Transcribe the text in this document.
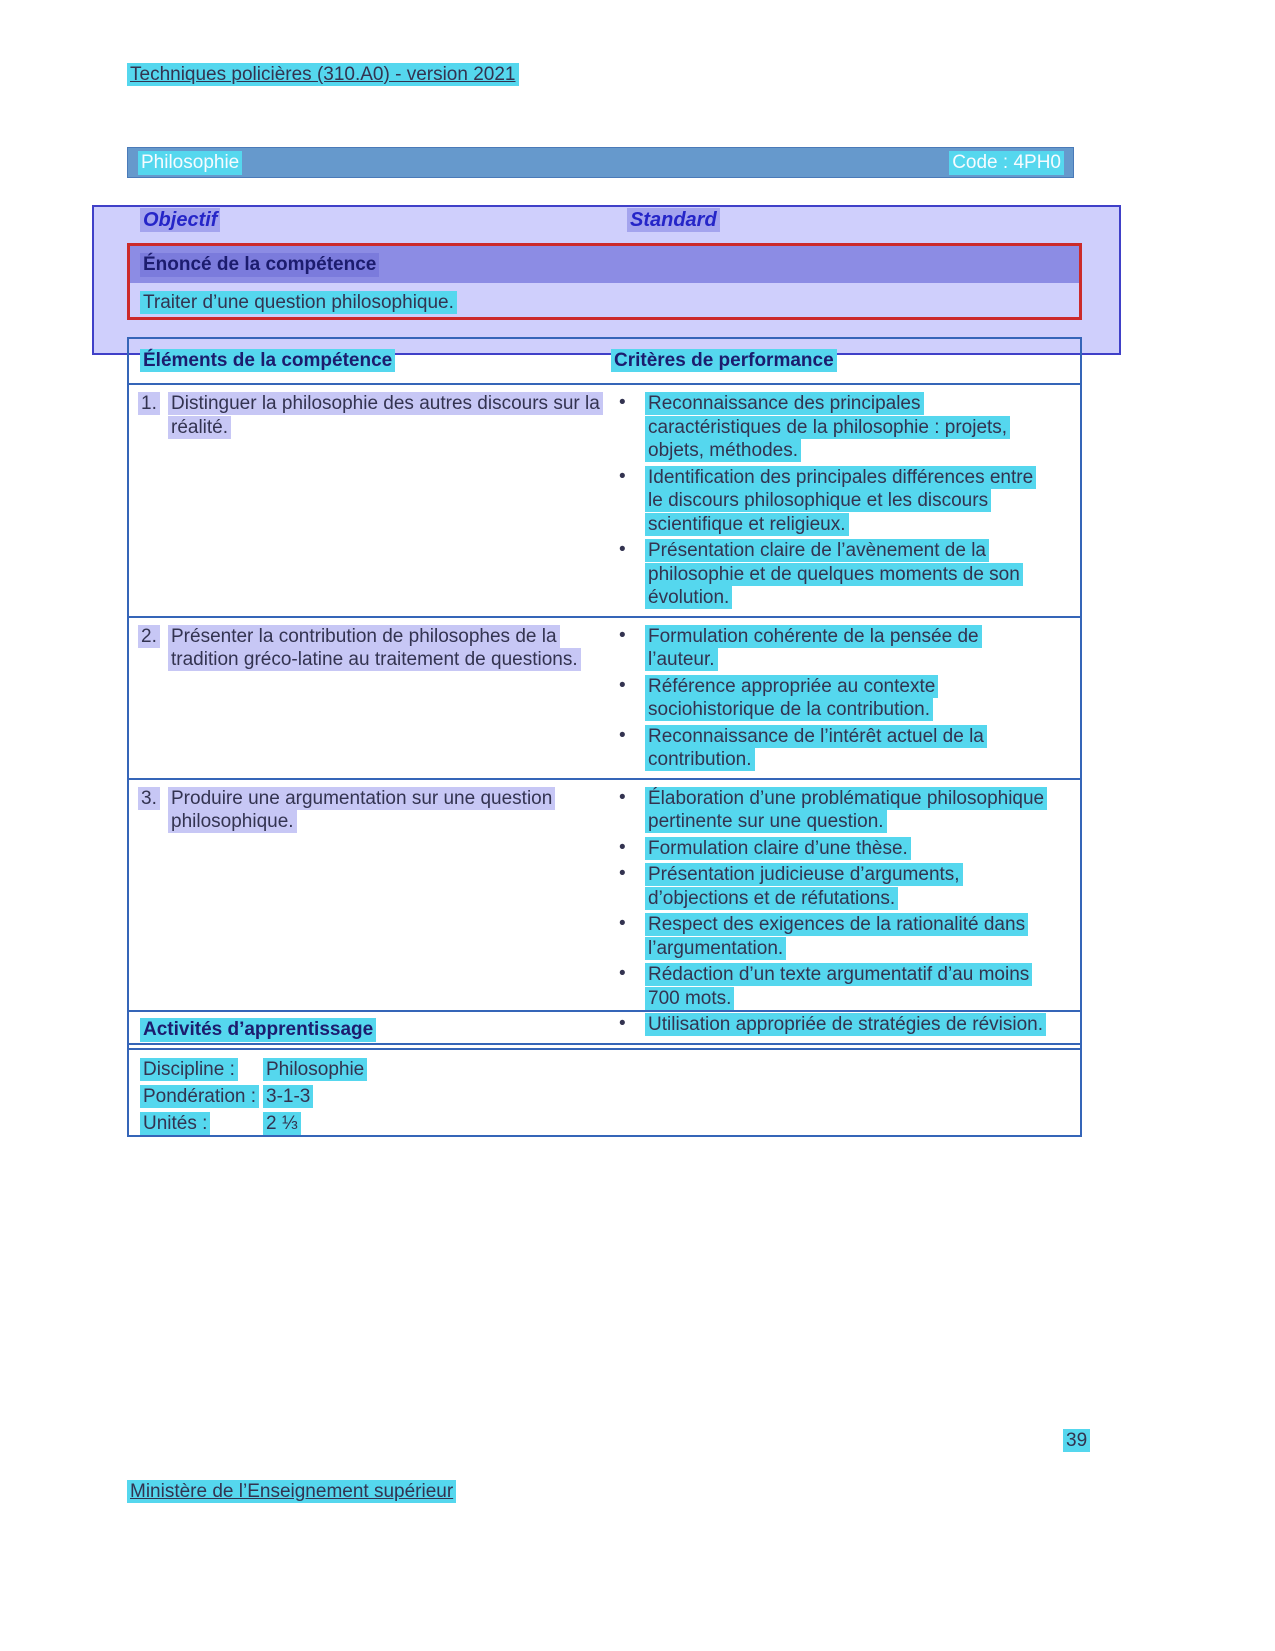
Techniques policières (310.A0) - version 2021
Philosophie	Code : 4PH0
Objectif	Standard
Énoncé de la compétence
Traiter d’une question philosophique.
Éléments de la compétence	Critères de performance
1. Distinguer la philosophie des autres discours sur la réalité.
• Reconnaissance des principales caractéristiques de la philosophie : projets, objets, méthodes.
• Identification des principales différences entre le discours philosophique et les discours scientifique et religieux.
• Présentation claire de l’avènement de la philosophie et de quelques moments de son évolution.
2. Présenter la contribution de philosophes de la tradition gréco-latine au traitement de questions.
• Formulation cohérente de la pensée de l’auteur.
• Référence appropriée au contexte sociohistorique de la contribution.
• Reconnaissance de l’intérêt actuel de la contribution.
3. Produire une argumentation sur une question philosophique.
• Élaboration d’une problématique philosophique pertinente sur une question.
• Formulation claire d’une thèse.
• Présentation judicieuse d’arguments, d’objections et de réfutations.
• Respect des exigences de la rationalité dans l’argumentation.
• Rédaction d’un texte argumentatif d’au moins 700 mots.
• Utilisation appropriée de stratégies de révision.
Activités d’apprentissage
Discipline : Philosophie
Pondération : 3-1-3
Unités :	2 ⅓
39
Ministère de l’Enseignement supérieur
